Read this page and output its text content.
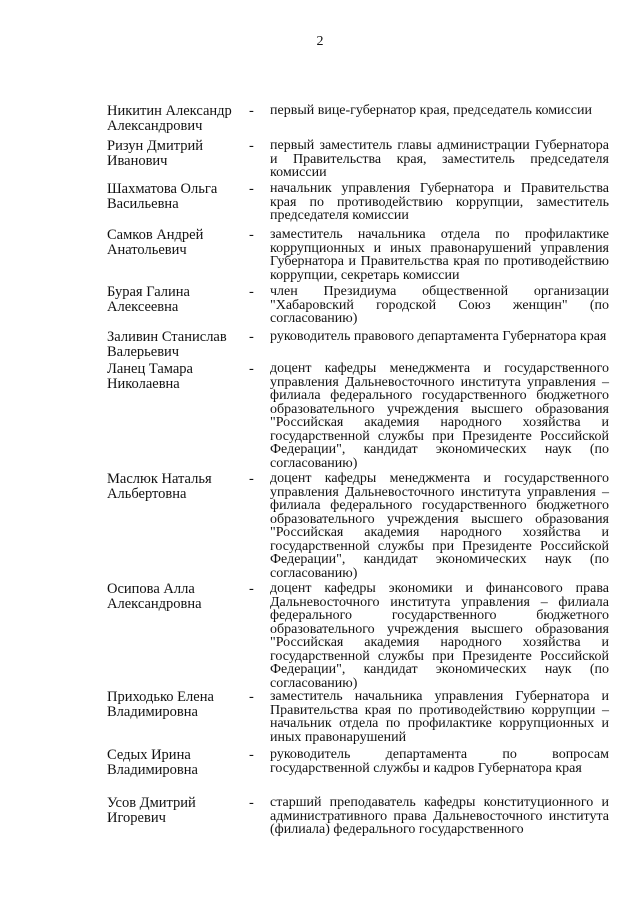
2
Никитин Александр
Александрович
-	первый вице-губернатор края, председатель комиссии
Ризун Дмитрий
Иванович
-	первый заместитель главы администрации Губернатора и Правительства края, заместитель председателя комиссии
Шахматова Ольга
Васильевна
-	начальник управления Губернатора и Правительства края по противодействию коррупции, заместитель председателя комиссии
Самков Андрей
Анатольевич
-	заместитель начальника отдела по профилактике коррупционных и иных правонарушений управления Губернатора и Правительства края по противодействию коррупции, секретарь комиссии
Бурая Галина
Алексеевна
-	член Президиума общественной организации "Хабаровский городской Союз женщин" (по согласованию)
Заливин Станислав
Валерьевич
-	руководитель правового департамента Губернатора края
Ланец Тамара
Николаевна
-	доцент кафедры менеджмента и государственного управления Дальневосточного института управления – филиала федерального государственного бюджетного образовательного учреждения высшего образования "Российская академия народного хозяйства и государственной службы при Президенте Российской Федерации", кандидат экономических наук (по согласованию)
Маслюк Наталья
Альбертовна
-	доцент кафедры менеджмента и государственного управления Дальневосточного института управления – филиала федерального государственного бюджетного образовательного учреждения высшего образования "Российская академия народного хозяйства и государственной службы при Президенте Российской Федерации", кандидат экономических наук (по согласованию)
Осипова Алла
Александровна
-	доцент кафедры экономики и финансового права Дальневосточного института управления – филиала федерального государственного бюджетного образовательного учреждения высшего образования "Российская академия народного хозяйства и государственной службы при Президенте Российской Федерации", кандидат экономических наук (по согласованию)
Приходько Елена
Владимировна
-	заместитель начальника управления Губернатора и Правительства края по противодействию коррупции – начальник отдела по профилактике коррупционных и иных правонарушений
Седых Ирина
Владимировна
-	руководитель департамента по вопросам государственной службы и кадров Губернатора края
Усов Дмитрий
Игоревич
-	старший преподаватель кафедры конституционного и административного права Дальневосточного института (филиала) федерального государственного
